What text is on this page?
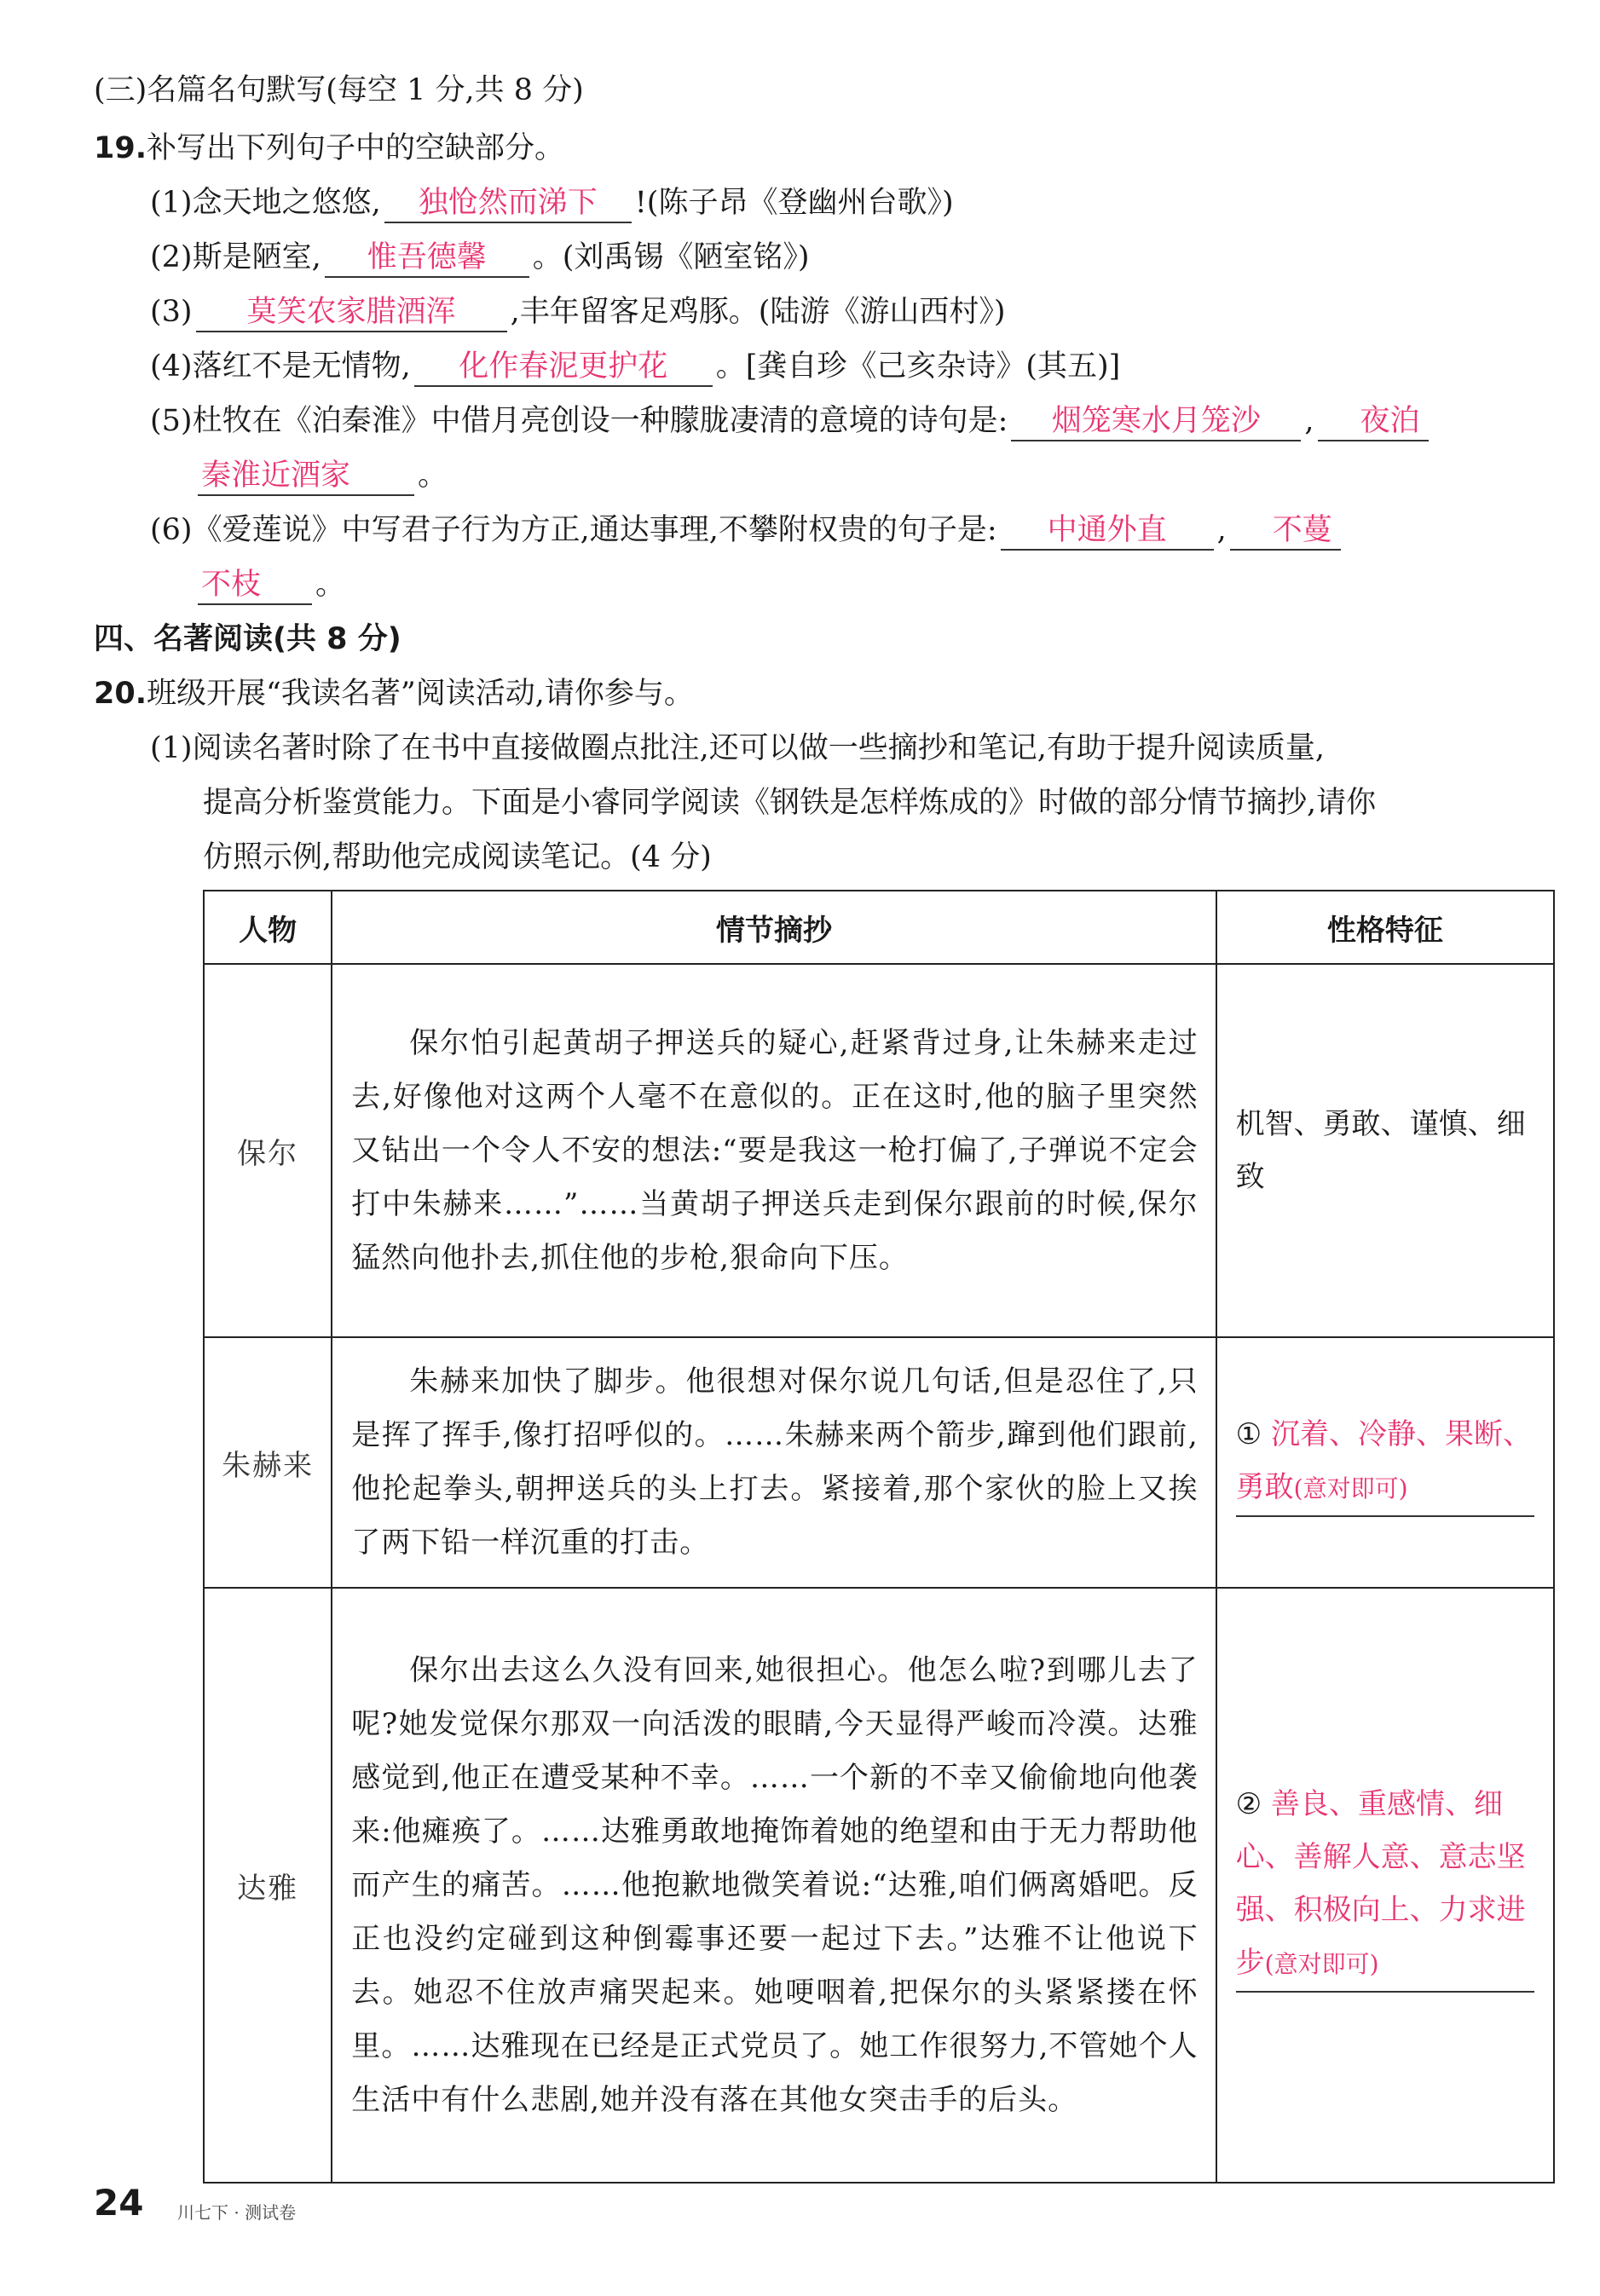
(三)名篇名句默写(每空 1 分,共 8 分)
19.补写出下列句子中的空缺部分。
(1)念天地之悠悠, 独怆然而涕下 !(陈子昂《登幽州台歌》)
(2)斯是陋室, 惟吾德馨 。(刘禹锡《陋室铭》)
(3) 莫笑农家腊酒浑 ,丰年留客足鸡豚。(陆游《游山西村》)
(4)落红不是无情物, 化作春泥更护花 。[龚自珍《己亥杂诗》(其五)]
(5)杜牧在《泊秦淮》中借月亮创设一种朦胧凄清的意境的诗句是: 烟笼寒水月笼沙 , 夜泊
秦淮近酒家 。
(6)《爱莲说》中写君子行为方正,通达事理,不攀附权贵的句子是: 中通外直 , 不蔓
不枝 。
四、名著阅读(共 8 分)
20.班级开展“我读名著”阅读活动,请你参与。
(1)阅读名著时除了在书中直接做圈点批注,还可以做一些摘抄和笔记,有助于提升阅读质量,
提高分析鉴赏能力。下面是小睿同学阅读《钢铁是怎样炼成的》时做的部分情节摘抄,请你
仿照示例,帮助他完成阅读笔记。(4 分)
人物	情节摘抄	性格特征
保尔	保尔怕引起黄胡子押送兵的疑心,赶紧背过身,让朱赫来走过去,好像他对这两个人毫不在意似的。正在这时,他的脑子里突然又钻出一个令人不安的想法:“要是我这一枪打偏了,子弹说不定会打中朱赫来……”……当黄胡子押送兵走到保尔跟前的时候,保尔猛然向他扑去,抓住他的步枪,狠命向下压。	机智、勇敢、谨慎、细致
朱赫来	朱赫来加快了脚步。他很想对保尔说几句话,但是忍住了,只是挥了挥手,像打招呼似的。……朱赫来两个箭步,蹿到他们跟前,他抡起拳头,朝押送兵的头上打去。紧接着,那个家伙的脸上又挨了两下铅一样沉重的打击。	① 沉着、冷静、果断、勇敢(意对即可)

达雅	保尔出去这么久没有回来,她很担心。他怎么啦?到哪儿去了呢?她发觉保尔那双一向活泼的眼睛,今天显得严峻而冷漠。达雅感觉到,他正在遭受某种不幸。……一个新的不幸又偷偷地向他袭来:他瘫痪了。……达雅勇敢地掩饰着她的绝望和由于无力帮助他而产生的痛苦。……他抱歉地微笑着说:“达雅,咱们俩离婚吧。反正也没约定碰到这种倒霉事还要一起过下去。”达雅不让他说下去。她忍不住放声痛哭起来。她哽咽着,把保尔的头紧紧搂在怀里。……达雅现在已经是正式党员了。她工作很努力,不管她个人生活中有什么悲剧,她并没有落在其他女突击手的后头。	② 善良、重感情、细心、善解人意、意志坚强、积极向上、力求进步(意对即可)
24 川七下 · 测试卷
